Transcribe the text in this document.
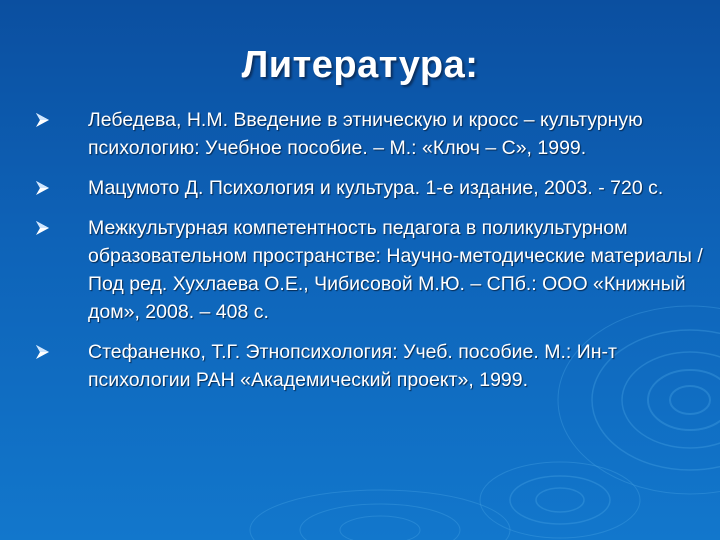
Литература:
Лебедева, Н.М. Введение в этническую и кросс – культурную психологию: Учебное пособие. – М.: «Ключ – С», 1999.
Мацумото Д. Психология и культура. 1-е издание, 2003. - 720 с.
Межкультурная компетентность педагога в поликультурном образовательном пространстве: Научно-методические материалы / Под ред. Хухлаева О.Е., Чибисовой М.Ю. – СПб.: ООО «Книжный дом», 2008. – 408 с.
Стефаненко, Т.Г. Этнопсихология: Учеб. пособие. М.: Ин-т психологии РАН «Академический проект», 1999.
